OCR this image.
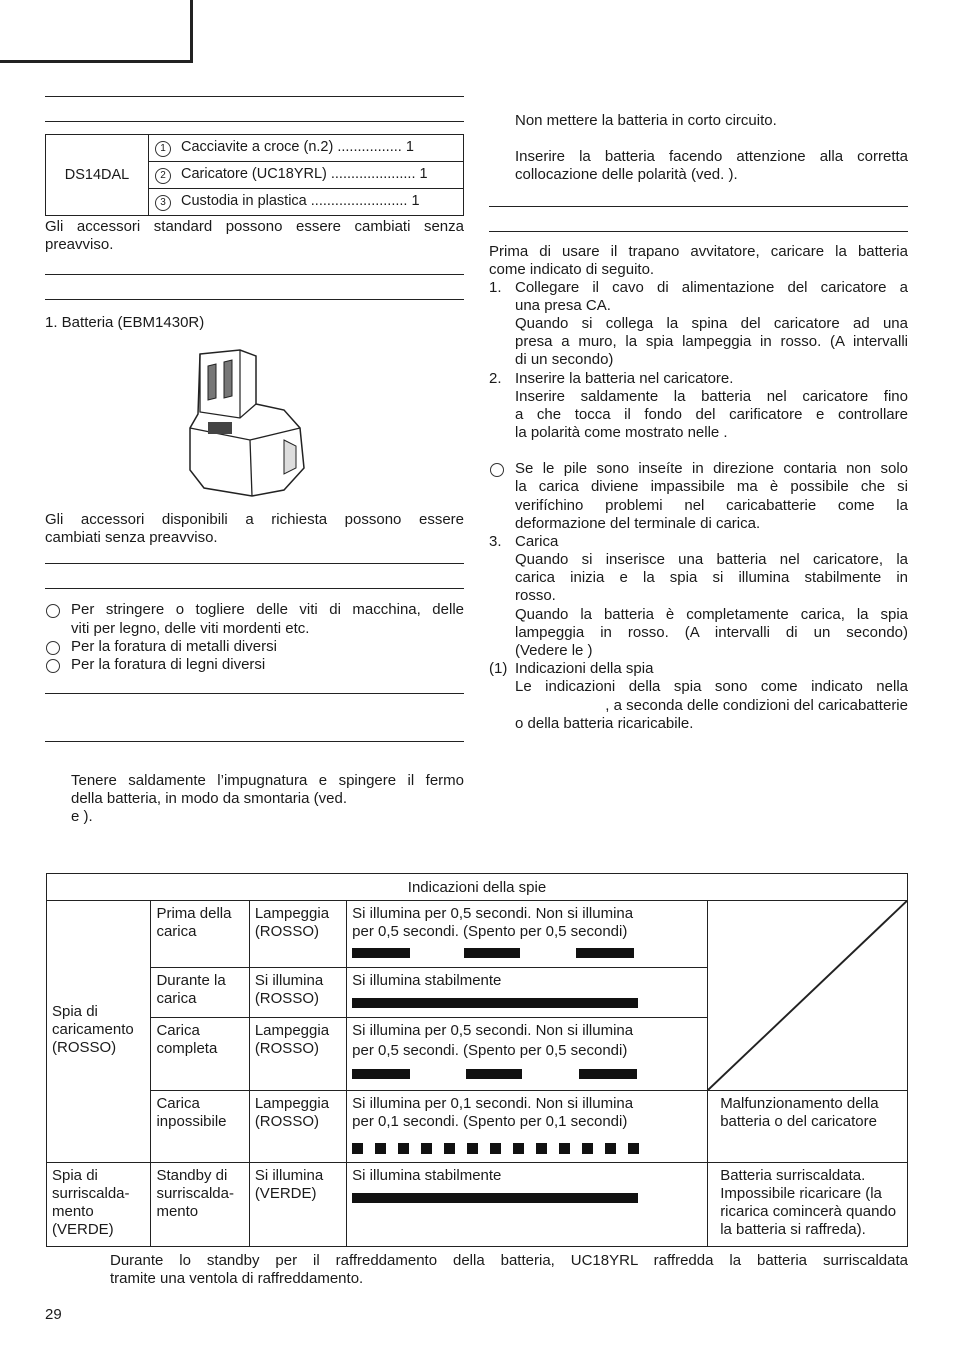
DS14DAL	1 Cacciavite a croce (n.2) ................ 1
2 Caricatore (UC18YRL) ..................... 1
3 Custodia in plastica ........................ 1
Gli accessori standard possono essere cambiati senza
preavviso.
1. Batteria (EBM1430R)
Gli accessori disponibili a richiesta possono essere
cambiati senza preavviso.
Per stringere o togliere delle viti di macchina, delle
viti per legno, delle viti mordenti etc.
Per la foratura di metalli diversi
Per la foratura di legni diversi
Tenere saldamente l’impugnatura e spingere il fermo
della batteria, in modo da smontaria (ved.
e ).
Non mettere la batteria in corto circuito.
Inserire la batteria facendo attenzione alla corretta
collocazione delle polarità (ved. ).
Prima di usare il trapano avvitatore, caricare la batteria
come indicato di seguito.
1. Collegare il cavo di alimentazione del caricatore a
una presa CA.
Quando si collega la spina del caricatore ad una
presa a muro, la spia lampeggia in rosso. (A intervalli
di un secondo)
2. Inserire la batteria nel caricatore.
Inserire saldamente la batteria nel caricatore fino
a che tocca il fondo del carificatore e controllare
la polarità come mostrato nelle .
Se le pile sono inseíte in direzione contaria non solo
la carica diviene impassibile ma è possibile che si
verifíchino problemi nel caricabatterie come la
deformazione del terminale di carica.
3. Carica
Quando si inserisce una batteria nel caricatore, la
carica inizia e la spia si illumina stabilmente in
rosso.
Quando la batteria è completamente carica, la spia
lampeggia in rosso. (A intervalli di un secondo)
(Vedere le )
(1) Indicazioni della spia
Le indicazioni della spia sono come indicato nella
, a seconda delle condizioni del caricabatterie
o della batteria ricaricabile.
Indicazioni della spie				
Spia di caricamento (ROSSO)	Prima della carica	Lampeggia (ROSSO)	Si illumina per 0,5 secondi. Non si illumina
per 0,5 secondi. (Spento per 0,5 secondi)

	Durante la carica	Si illumina (ROSSO)	Si illumina stabilmente	

	Carica completa	Lampeggia (ROSSO)	Si illumina per 0,5 secondi. Non si illumina
per 0,5 secondi. (Spento per 0,5 secondi)	

	Carica inpossibile	Lampeggia (ROSSO)	Si illumina per 0,1 secondi. Non si illumina
per 0,1 secondi. (Spento per 0,1 secondi)	Malfunzionamento della batteria o del caricatore
Spia di surriscalda- mento (VERDE)	Standby di surriscalda- mento	Si illumina (VERDE)	Si illumina stabilmente	Batteria surriscaldata. Impossibile ricaricare (la ricarica comincerà quando la batteria si raffreda).
Durante lo standby per il raffreddamento della batteria, UC18YRL raffredda la batteria surriscaldata
tramite una ventola di raffreddamento.
29
